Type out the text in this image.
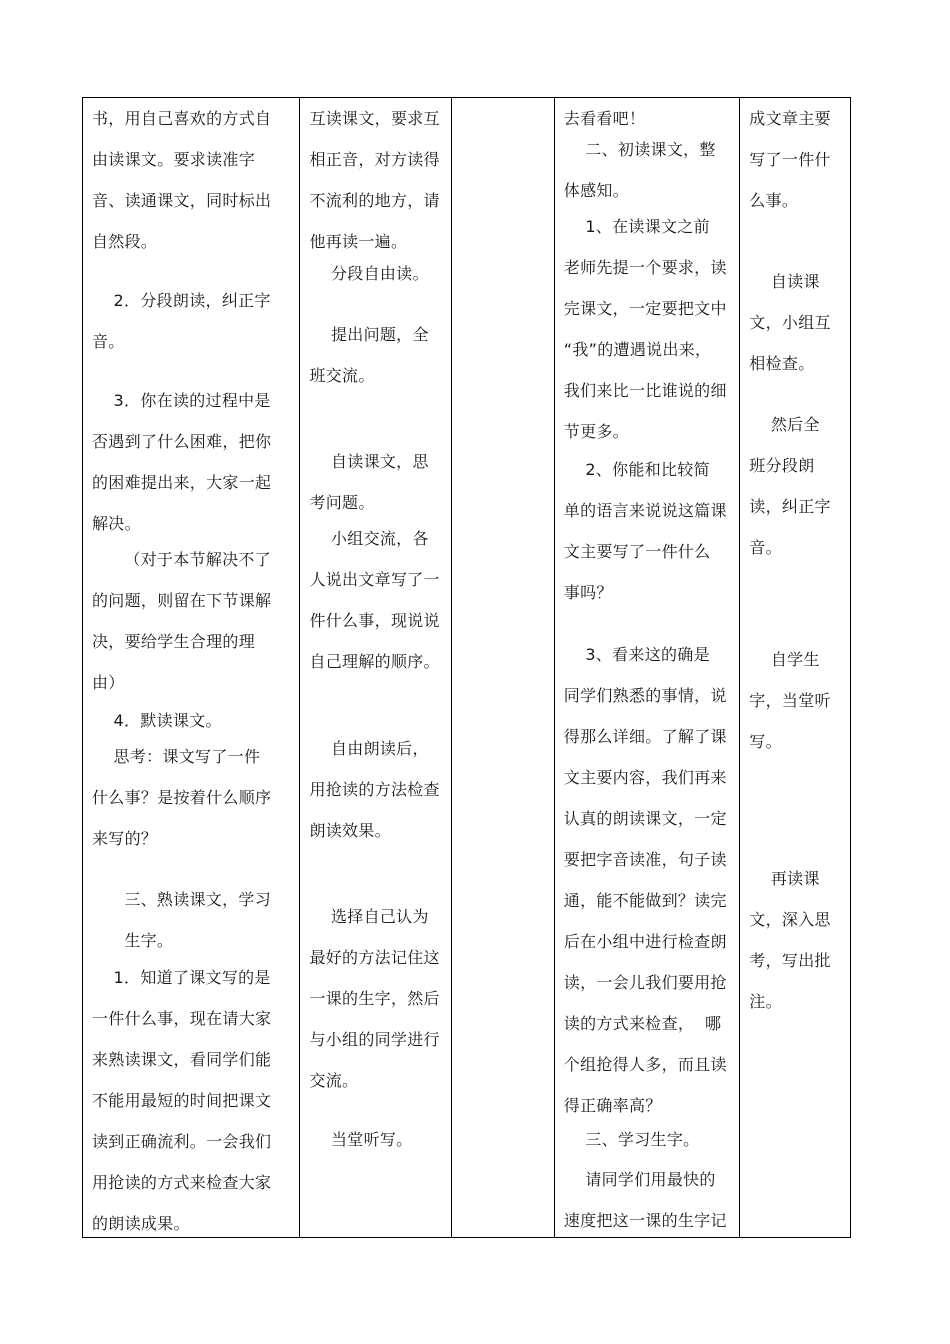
书，用自己喜欢的方式自
由读课文。要求读准字
音、读通课文，同时标出
自然段。

2．分段朗读，纠正字
音。

3．你在读的过程中是
否遇到了什么困难，把你
的困难提出来，大家一起
解决。

（对于本节解决不了
的问题，则留在下节课解
决，要给学生合理的理
由）

4．默读课文。

思考：课文写了一件
什么事？是按着什么顺序
来写的？

三、熟读课文，学习
生字。

1．知道了课文写的是
一件什么事，现在请大家
来熟读课文，看同学们能
不能用最短的时间把课文
读到正确流利。一会我们
用抢读的方式来检查大家
的朗读成果。

互读课文，要求互
相正音，对方读得
不流利的地方，请
他再读一遍。

分段自由读。

提出问题，全
班交流。

自读课文，思
考问题。

小组交流，各
人说出文章写了一
件什么事，现说说
自己理解的顺序。

自由朗读后，
用抢读的方法检查
朗读效果。

选择自己认为
最好的方法记住这
一课的生字，然后
与小组的同学进行
交流。

当堂听写。

去看看吧！

二、初读课文，整
体感知。

1、在读课文之前
老师先提一个要求，读
完课文，一定要把文中
“我”的遭遇说出来，
我们来比一比谁说的细
节更多。

2、你能和比较简
单的语言来说说这篇课
文主要写了一件什么
事吗？

3、看来这的确是
同学们熟悉的事情，说
得那么详细。了解了课
文主要内容，我们再来
认真的朗读课文，一定
要把字音读准，句子读
通，能不能做到？读完
后在小组中进行检查朗
读，一会儿我们要用抢
读的方式来检查，  哪
个组抢得人多，而且读
得正确率高？

三、学习生字。

请同学们用最快的
速度把这一课的生字记

成文章主要
写了一件什
么事。

自读课
文，小组互
相检查。

然后全
班分段朗
读，纠正字
音。

自学生
字，当堂听
写。

再读课
文，深入思
考，写出批
注。
